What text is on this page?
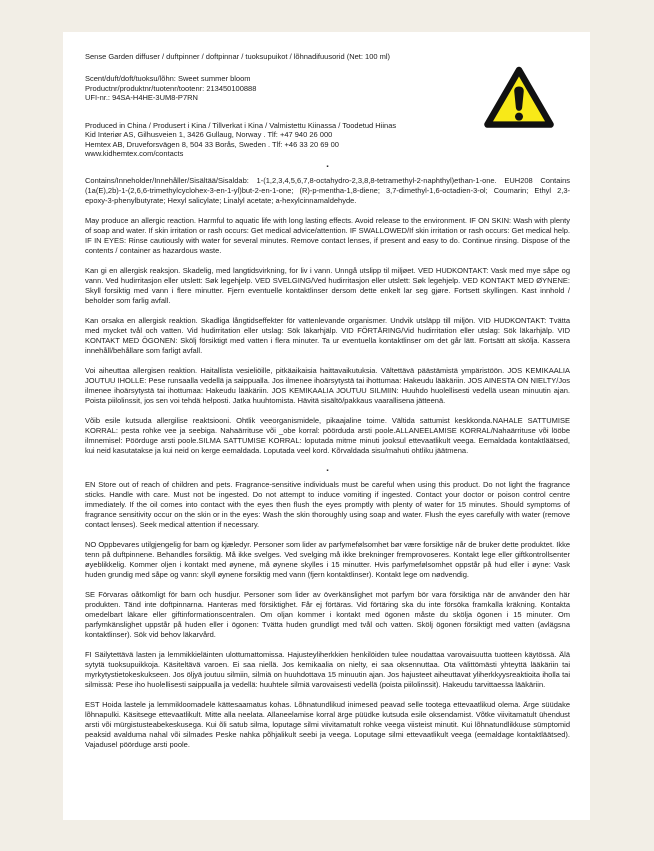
Sense Garden diffuser / duftpinner / doftpinnar / tuoksupuikot / lõhnadifuusorid (Net: 100 ml)

Scent/duft/doft/tuoksu/lõhn: Sweet summer bloom

Productnr/produktnr/tuotenr/tootenr: 213450100888

UFI-nr.: 94SA-H4HE-3UM8-P7RN

Produced in China / Produsert i Kina / Tillverkat i Kina / Valmistettu Kiinassa / Toodetud Hiinas

Kid Interiør AS, Gilhusveien 1, 3426 Gullaug, Norway . Tlf: +47 940 26 000

Hemtex AB, Druveforsvägen 8, 504 33 Borås, Sweden . Tlf: +46 33 20 69 00

www.kidhemtex.com/contacts

▪

Contains/Inneholder/Innehåller/Sisältää/Sisaldab: 1-(1,2,3,4,5,6,7,8-octahydro-2,3,8,8-tetramethyl-2-naphthyl)ethan-1-one. EUH208 Contains (1a(E),2b)-1-(2,6,6-trimethylcyclohex-3-en-1-yl)but-2-en-1-one; (R)-p-mentha-1,8-diene; 3,7-dimethyl-1,6-octadien-3-ol; Coumarin; Ethyl 2,3-epoxy-3-phenylbutyrate; Hexyl salicylate; Linalyl acetate; a-hexylcinnamaldehyde.

May produce an allergic reaction. Harmful to aquatic life with long lasting effects. Avoid release to the environment. IF ON SKIN: Wash with plenty of soap and water. If skin irritation or rash occurs: Get medical advice/attention. IF SWALLOWED/If skin irritation or rash occurs: Get medical help. IF IN EYES: Rinse cautiously with water for several minutes. Remove contact lenses, if present and easy to do. Continue rinsing. Dispose of the contents / container as hazardous waste.

Kan gi en allergisk reaksjon. Skadelig, med langtidsvirkning, for liv i vann. Unngå utslipp til miljøet. VED HUDKONTAKT: Vask med mye såpe og vann. Ved hudirritasjon eller utslett: Søk legehjelp. VED SVELGING/Ved hudirritasjon eller utslett: Søk legehjelp. VED KONTAKT MED ØYNENE: Skyll forsiktig med vann i flere minutter. Fjern eventuelle kontaktlinser dersom dette enkelt lar seg gjøre. Fortsett skyllingen. Kast innhold / beholder som farlig avfall.

Kan orsaka en allergisk reaktion. Skadliga långtidseffekter för vattenlevande organismer. Undvik utsläpp till miljön. VID HUDKONTAKT: Tvätta med mycket tvål och vatten. Vid hudirritation eller utslag: Sök läkarhjälp. VID FÖRTÄRING/Vid hudirritation eller utslag: Sök läkarhjälp. VID KONTAKT MED ÖGONEN: Skölj försiktigt med vatten i flera minuter. Ta ur eventuella kontaktlinser om det går lätt. Fortsätt att skölja. Kassera innehåll/behållare som farligt avfall.

Voi aiheuttaa allergisen reaktion. Haitallista vesieliöille, pitkäaikaisia haittavaikutuksia. Vältettävä päästämistä ympäristöön. JOS KEMIKAALIA JOUTUU IHOLLE: Pese runsaalla vedellä ja saippualla. Jos ilmenee ihoärsytystä tai ihottumaa: Hakeudu lääkäriin. JOS AINESTA ON NIELTY/Jos ilmenee ihoärsytystä tai ihottumaa: Hakeudu lääkäriin. JOS KEMIKAALIA JOUTUU SILMIIN: Huuhdo huolellisesti vedellä usean minuutin ajan. Poista piilolinssit, jos sen voi tehdä helposti. Jatka huuhtomista. Hävitä sisältö/pakkaus vaarallisena jätteenä.

Võib esile kutsuda allergilise reaktsiooni. Ohtlik veeorganismidele, pikaajaline toime. Vältida sattumist keskkonda.NAHALE SATTUMISE KORRAL: pesta rohke vee ja seebiga. Nahaärrituse või _obe korral: pöörduda arsti poole.ALLANEELAMISE KORRAL/Nahaärrituse või lööbe ilmnemisel: Pöörduge arsti poole.SILMA SATTUMISE KORRAL: loputada mitme minuti jooksul ettevaatlikult veega. Eemaldada kontaktläätsed, kui neid kasutatakse ja kui neid on kerge eemaldada. Loputada veel kord. Kõrvaldada sisu/mahuti ohtliku jäätmena.

▪

EN Store out of reach of children and pets. Fragrance-sensitive individuals must be careful when using this product. Do not light the fragrance sticks. Handle with care. Must not be ingested. Do not attempt to induce vomiting if ingested. Contact your doctor or poison control centre immediately. If the oil comes into contact with the eyes then flush the eyes promptly with plenty of water for 15 minutes. Should symptoms of fragrance sensitivity occur on the skin or in the eyes: Wash the skin thoroughly using soap and water. Flush the eyes carefully with water (remove contact lenses). Seek medical attention if necessary.

NO Oppbevares utilgjengelig for barn og kjæledyr. Personer som lider av parfymefølsomhet bør være forsiktige når de bruker dette produktet. Ikke tenn på duftpinnene. Behandles forsiktig. Må ikke svelges. Ved svelging må ikke brekninger fremprovoseres. Kontakt lege eller giftkontrollsenter øyeblikkelig. Kommer oljen i kontakt med øynene, må øynene skylles i 15 minutter. Hvis parfymefølsomhet oppstår på hud eller i øyne: Vask huden grundig med såpe og vann: skyll øynene forsiktig med vann (fjern kontaktlinser). Kontakt lege om nødvendig.

SE Förvaras oåtkomligt för barn och husdjur. Personer som lider av överkänslighet mot parfym bör vara försiktiga när de använder den här produkten. Tänd inte doftpinnarna. Hanteras med försiktighet. Får ej förtäras. Vid förtäring ska du inte försöka framkalla kräkning. Kontakta omedelbart läkare eller giftinformationscentralen. Om oljan kommer i kontakt med ögonen måste du skölja ögonen i 15 minuter. Om parfymkänslighet uppstår på huden eller i ögonen: Tvätta huden grundligt med tvål och vatten. Skölj ögonen försiktigt med vatten (avlägsna kontaktlinser). Sök vid behov läkarvård.

FI Säilytettävä lasten ja lemmikkieläinten ulottumattomissa. Hajusteyliherkkien henkilöiden tulee noudattaa varovaisuutta tuotteen käytössä. Älä sytytä tuoksupuikkoja. Käsiteltävä varoen. Ei saa niellä. Jos kemikaalia on nielty, ei saa oksennuttaa. Ota välittömästi yhteyttä lääkäriin tai myrkytystietokeskukseen. Jos öljyä joutuu silmiin, silmiä on huuhdottava 15 minuutin ajan. Jos hajusteet aiheuttavat yliherkkyysreaktioita iholla tai silmissä: Pese iho huolellisesti saippualla ja vedellä: huuhtele silmiä varovaisesti vedellä (poista piilolinssit). Hakeudu tarvittaessa lääkäriin.

EST Hoida lastele ja lemmikloomadele kättesaamatus kohas. Lõhnatundlikud inimesed peavad selle tootega ettevaatlikud olema. Ärge süüdake lõhnapulki. Käsitsege ettevaatlikult. Mitte alla neelata. Allaneelamise korral ärge püüdke kutsuda esile oksendamist. Võtke viivitamatult ühendust arsti või mürgistusteabekeskusega. Kui õli satub silma, loputage silmi viivitamatult rohke veega viisteist minutit. Kui lõhnatundlikkuse sümptomid peaksid avalduma nahal või silmades Peske nahka põhjalikult seebi ja veega. Loputage silmi ettevaatlikult veega (eemaldage kontaktläätsed). Vajadusel pöörduge arsti poole.
